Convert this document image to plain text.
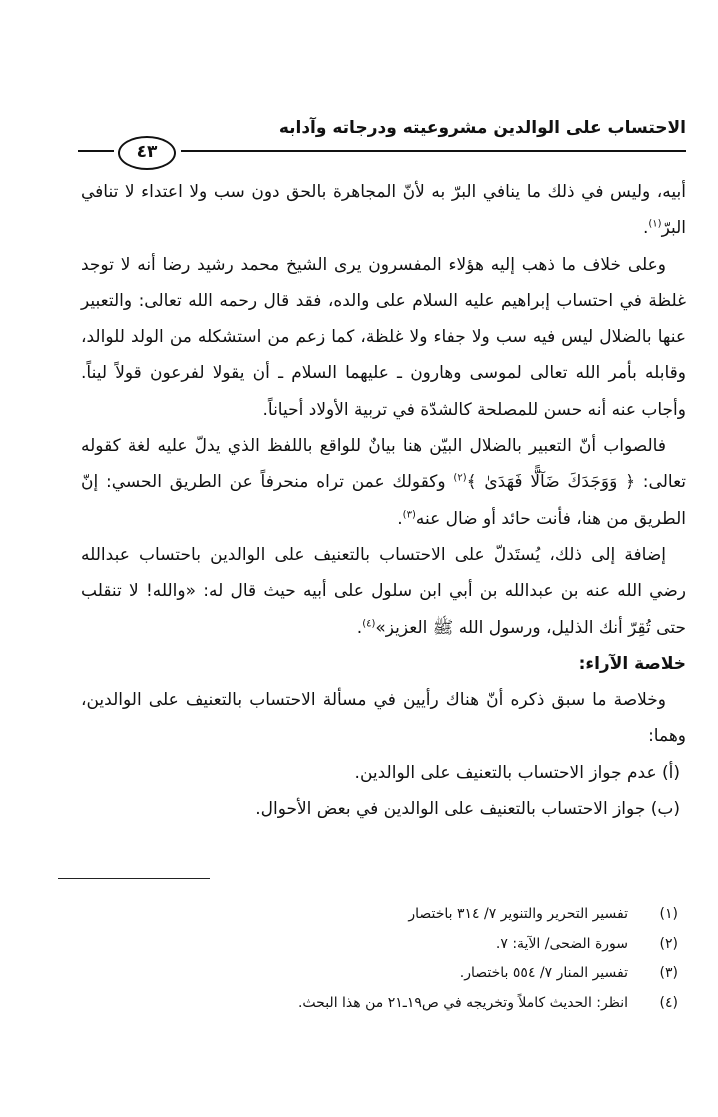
الاحتساب على الوالدين مشروعيته ودرجاته وآدابه
٤٣

أبيه، وليس في ذلك ما ينافي البرّ به لأنّ المجاهرة بالحق دون سب ولا اعتداء لا تنافي البرّ$^{(١)}$.

وعلى خلاف ما ذهب إليه هؤلاء المفسرون يرى الشيخ محمد رشيد رضا أنه لا توجد غلظة في احتساب إبراهيم عليه السلام على والده، فقد قال رحمه الله تعالى: والتعبير عنها بالضلال ليس فيه سب ولا جفاء ولا غلظة، كما زعم من استشكله من الولد للوالد، وقابله بأمر الله تعالى لموسى وهارون ـ عليهما السلام ـ أن يقولا لفرعون قولاً ليناً. وأجاب عنه أنه حسن للمصلحة كالشدّة في تربية الأولاد أحياناً.

فالصواب أنّ التعبير بالضلال البيّن هنا بيانٌ للواقع باللفظ الذي يدلّ عليه لغة كقوله تعالى: ﴿ وَوَجَدَكَ ضَآلًّا فَهَدَىٰ ﴾$^{(٢)}$ وكقولك عمن تراه منحرفاً عن الطريق الحسي: إنّ الطريق من هنا، فأنت حائد أو ضال عنه$^{(٣)}$.

إضافة إلى ذلك، يُستَدلّ على الاحتساب بالتعنيف على الوالدين باحتساب عبدالله رضي الله عنه بن عبدالله بن أبي ابن سلول على أبيه حيث قال له: «والله! لا تنقلب حتى تُقِرّ أنك الذليل، ورسول الله ﷺ العزيز»$^{(٤)}$.

خلاصة الآراء:

وخلاصة ما سبق ذكره أنّ هناك رأيين في مسألة الاحتساب بالتعنيف على الوالدين، وهما:

(أ) عدم جواز الاحتساب بالتعنيف على الوالدين.

(ب) جواز الاحتساب بالتعنيف على الوالدين في بعض الأحوال.

(١)
تفسير التحرير والتنوير ٧/ ٣١٤ باختصار
(٢)
سورة الضحى/ الآية: ٧.
(٣)
تفسير المنار ٧/ ٥٥٤ باختصار.
(٤)
انظر: الحديث كاملاً وتخريجه في ص١٩ـ٢١ من هذا البحث.
